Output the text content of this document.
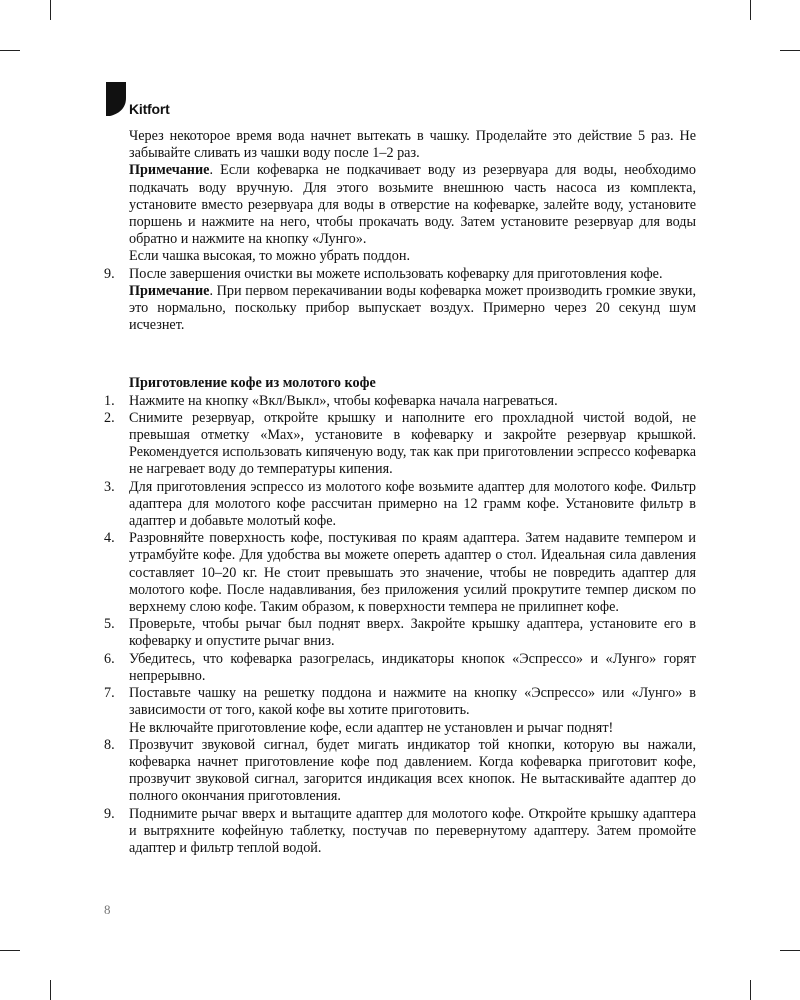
Kitfort

Через некоторое время вода начнет вытекать в чашку. Проделайте это действие 5 раз. Не забывайте сливать из чашки воду после 1–2 раз.

Примечание. Если кофеварка не подкачивает воду из резервуара для воды, необходимо подкачать воду вручную. Для этого возьмите внешнюю часть насоса из комплекта, установите вместо резервуара для воды в отверстие на кофеварке, залейте воду, установите поршень и нажмите на него, чтобы прокачать воду. Затем установите резервуар для воды обратно и нажмите на кнопку «Лунго».

Если чашка высокая, то можно убрать поддон.

9. После завершения очистки вы можете использовать кофеварку для приготовления кофе.

Примечание. При первом перекачивании воды кофеварка может производить громкие звуки, это нормально, поскольку прибор выпускает воздух. Примерно через 20 секунд шум исчезнет.

Приготовление кофе из молотого кофе

1. Нажмите на кнопку «Вкл/Выкл», чтобы кофеварка начала нагреваться.
2. Снимите резервуар, откройте крышку и наполните его прохладной чистой водой, не превышая отметку «Max», установите в кофеварку и закройте резервуар крышкой. Рекомендуется использовать кипяченую воду, так как при приготовлении эспрессо кофеварка не нагревает воду до температуры кипения.
3. Для приготовления эспрессо из молотого кофе возьмите адаптер для молотого кофе. Фильтр адаптера для молотого кофе рассчитан примерно на 12 грамм кофе. Установите фильтр в адаптер и добавьте молотый кофе.
4. Разровняйте поверхность кофе, постукивая по краям адаптера. Затем надавите темпером и утрамбуйте кофе. Для удобства вы можете опереть адаптер о стол. Идеальная сила давления составляет 10–20 кг. Не стоит превышать это значение, чтобы не повредить адаптер для молотого кофе. После надавливания, без приложения усилий прокрутите темпер диском по верхнему слою кофе. Таким образом, к поверхности темпера не прилипнет кофе.
5. Проверьте, чтобы рычаг был поднят вверх. Закройте крышку адаптера, установите его в кофеварку и опустите рычаг вниз.
6. Убедитесь, что кофеварка разогрелась, индикаторы кнопок «Эспрессо» и «Лунго» горят непрерывно.
7. Поставьте чашку на решетку поддона и нажмите на кнопку «Эспрессо» или «Лунго» в зависимости от того, какой кофе вы хотите приготовить.

Не включайте приготовление кофе, если адаптер не установлен и рычаг поднят!

8. Прозвучит звуковой сигнал, будет мигать индикатор той кнопки, которую вы нажали, кофеварка начнет приготовление кофе под давлением. Когда кофеварка приготовит кофе, прозвучит звуковой сигнал, загорится индикация всех кнопок. Не вытаскивайте адаптер до полного окончания приготовления.
9. Поднимите рычаг вверх и вытащите адаптер для молотого кофе. Откройте крышку адаптера и вытряхните кофейную таблетку, постучав по перевернутому адаптеру. Затем промойте адаптер и фильтр теплой водой.
8
